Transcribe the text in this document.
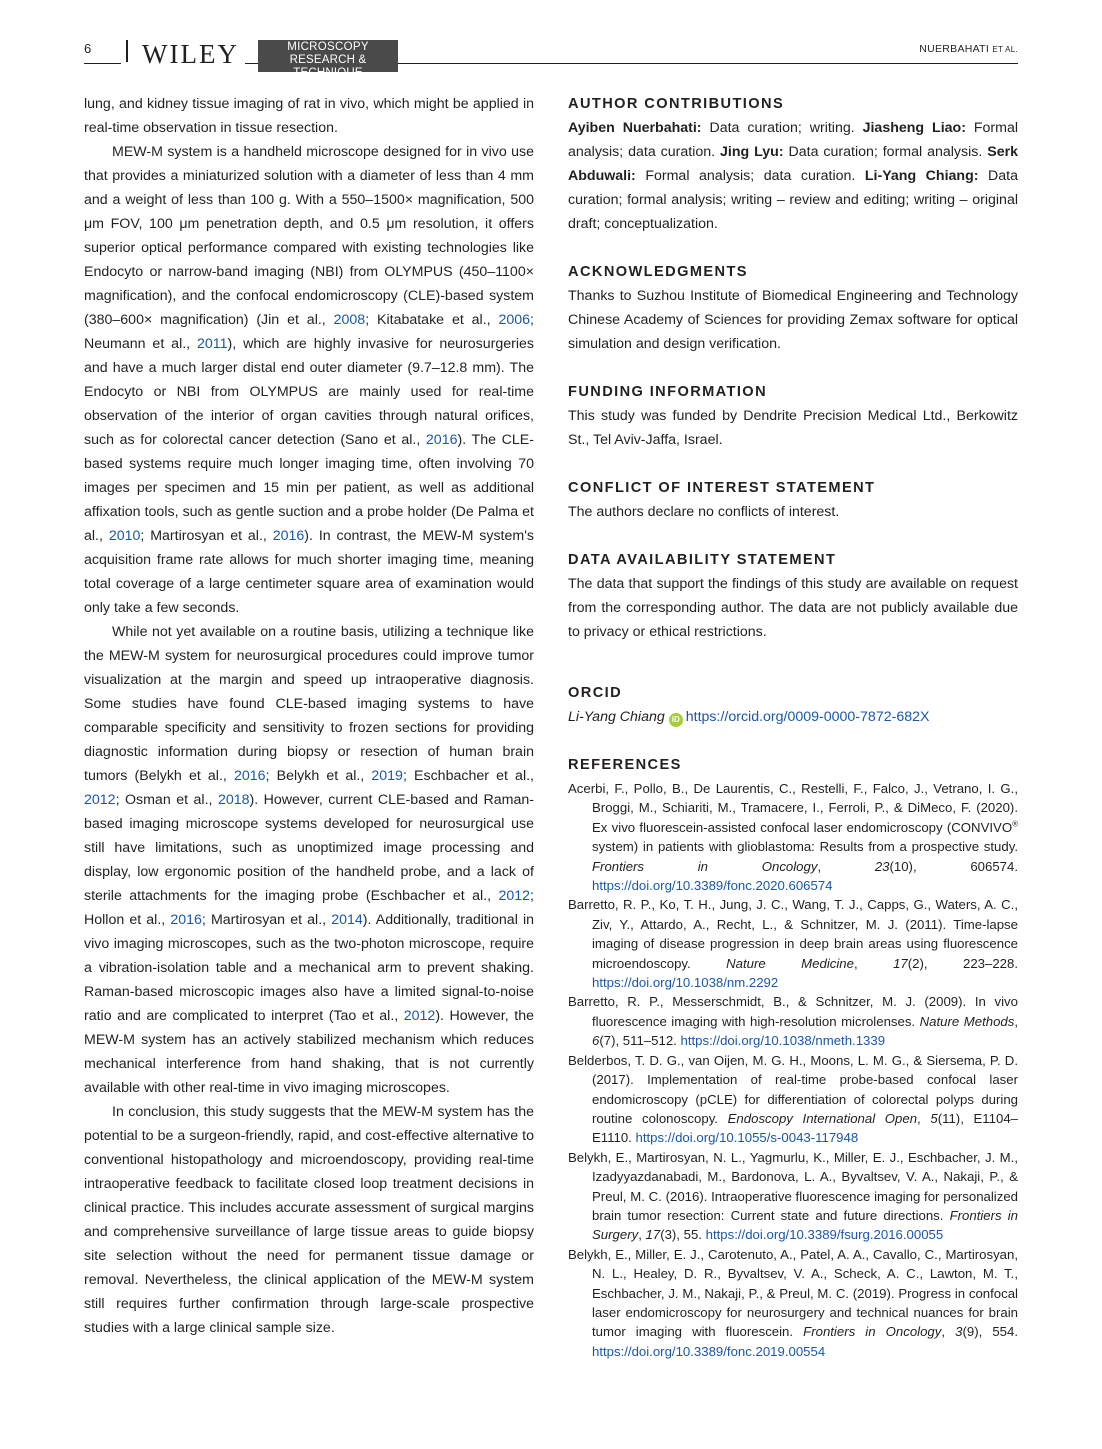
6 WILEY	MICROSCOPY
RESEARCH & TECHNIQUE
NUERBAHATI ET AL.

lung, and kidney tissue imaging of rat in vivo, which might be applied in real-time observation in tissue resection.

MEW-M system is a handheld microscope designed for in vivo use that provides a miniaturized solution with a diameter of less than 4 mm and a weight of less than 100 g. With a 550–1500× magnification, 500 μm FOV, 100 μm penetration depth, and 0.5 μm resolution, it offers superior optical performance compared with existing technologies like Endocyto or narrow-band imaging (NBI) from OLYMPUS (450–1100× magnification), and the confocal endomicroscopy (CLE)-based system (380–600× magnification) (Jin et al., 2008; Kitabatake et al., 2006; Neumann et al., 2011), which are highly invasive for neurosurgeries and have a much larger distal end outer diameter (9.7–12.8 mm). The Endocyto or NBI from OLYMPUS are mainly used for real-time observation of the interior of organ cavities through natural orifices, such as for colorectal cancer detection (Sano et al., 2016). The CLE-based systems require much longer imaging time, often involving 70 images per specimen and 15 min per patient, as well as additional affixation tools, such as gentle suction and a probe holder (De Palma et al., 2010; Martirosyan et al., 2016). In contrast, the MEW-M system's acquisition frame rate allows for much shorter imaging time, meaning total coverage of a large centimeter square area of examination would only take a few seconds.

While not yet available on a routine basis, utilizing a technique like the MEW-M system for neurosurgical procedures could improve tumor visualization at the margin and speed up intraoperative diagnosis. Some studies have found CLE-based imaging systems to have comparable specificity and sensitivity to frozen sections for providing diagnostic information during biopsy or resection of human brain tumors (Belykh et al., 2016; Belykh et al., 2019; Eschbacher et al., 2012; Osman et al., 2018). However, current CLE-based and Raman-based imaging microscope systems developed for neurosurgical use still have limitations, such as unoptimized image processing and display, low ergonomic position of the handheld probe, and a lack of sterile attachments for the imaging probe (Eschbacher et al., 2012; Hollon et al., 2016; Martirosyan et al., 2014). Additionally, traditional in vivo imaging microscopes, such as the two-photon microscope, require a vibration-isolation table and a mechanical arm to prevent shaking. Raman-based microscopic images also have a limited signal-to-noise ratio and are complicated to interpret (Tao et al., 2012). However, the MEW-M system has an actively stabilized mechanism which reduces mechanical interference from hand shaking, that is not currently available with other real-time in vivo imaging microscopes.

In conclusion, this study suggests that the MEW-M system has the potential to be a surgeon-friendly, rapid, and cost-effective alternative to conventional histopathology and microendoscopy, providing real-time intraoperative feedback to facilitate closed loop treatment decisions in clinical practice. This includes accurate assessment of surgical margins and comprehensive surveillance of large tissue areas to guide biopsy site selection without the need for permanent tissue damage or removal. Nevertheless, the clinical application of the MEW-M system still requires further confirmation through large-scale prospective studies with a large clinical sample size.

AUTHOR CONTRIBUTIONS

Ayiben Nuerbahati: Data curation; writing. Jiasheng Liao: Formal analysis; data curation. Jing Lyu: Data curation; formal analysis. Serk Abduwali: Formal analysis; data curation. Li-Yang Chiang: Data curation; formal analysis; writing – review and editing; writing – original draft; conceptualization.

ACKNOWLEDGMENTS

Thanks to Suzhou Institute of Biomedical Engineering and Technology Chinese Academy of Sciences for providing Zemax software for optical simulation and design verification.

FUNDING INFORMATION

This study was funded by Dendrite Precision Medical Ltd., Berkowitz St., Tel Aviv-Jaffa, Israel.

CONFLICT OF INTEREST STATEMENT

The authors declare no conflicts of interest.

DATA AVAILABILITY STATEMENT

The data that support the findings of this study are available on request from the corresponding author. The data are not publicly available due to privacy or ethical restrictions.

ORCID
Li-Yang Chiang iD https://orcid.org/0009-0000-7872-682X
REFERENCES
Acerbi, F., Pollo, B., De Laurentis, C., Restelli, F., Falco, J., Vetrano, I. G., Broggi, M., Schiariti, M., Tramacere, I., Ferroli, P., & DiMeco, F. (2020). Ex vivo fluorescein-assisted confocal laser endomicroscopy (CONVIVO® system) in patients with glioblastoma: Results from a prospective study. Frontiers in Oncology, 23(10), 606574. https://doi.org/10.3389/fonc.2020.606574
Barretto, R. P., Ko, T. H., Jung, J. C., Wang, T. J., Capps, G., Waters, A. C., Ziv, Y., Attardo, A., Recht, L., & Schnitzer, M. J. (2011). Time-lapse imaging of disease progression in deep brain areas using fluorescence microendoscopy. Nature Medicine, 17(2), 223–228. https://doi.org/10.1038/nm.2292
Barretto, R. P., Messerschmidt, B., & Schnitzer, M. J. (2009). In vivo fluorescence imaging with high-resolution microlenses. Nature Methods, 6(7), 511–512. https://doi.org/10.1038/nmeth.1339
Belderbos, T. D. G., van Oijen, M. G. H., Moons, L. M. G., & Siersema, P. D. (2017). Implementation of real-time probe-based confocal laser endomicroscopy (pCLE) for differentiation of colorectal polyps during routine colonoscopy. Endoscopy International Open, 5(11), E1104–E1110. https://doi.org/10.1055/s-0043-117948
Belykh, E., Martirosyan, N. L., Yagmurlu, K., Miller, E. J., Eschbacher, J. M., Izadyyazdanabadi, M., Bardonova, L. A., Byvaltsev, V. A., Nakaji, P., & Preul, M. C. (2016). Intraoperative fluorescence imaging for personalized brain tumor resection: Current state and future directions. Frontiers in Surgery, 17(3), 55. https://doi.org/10.3389/fsurg.2016.00055
Belykh, E., Miller, E. J., Carotenuto, A., Patel, A. A., Cavallo, C., Martirosyan, N. L., Healey, D. R., Byvaltsev, V. A., Scheck, A. C., Lawton, M. T., Eschbacher, J. M., Nakaji, P., & Preul, M. C. (2019). Progress in confocal laser endomicroscopy for neurosurgery and technical nuances for brain tumor imaging with fluorescein. Frontiers in Oncology, 3(9), 554. https://doi.org/10.3389/fonc.2019.00554
